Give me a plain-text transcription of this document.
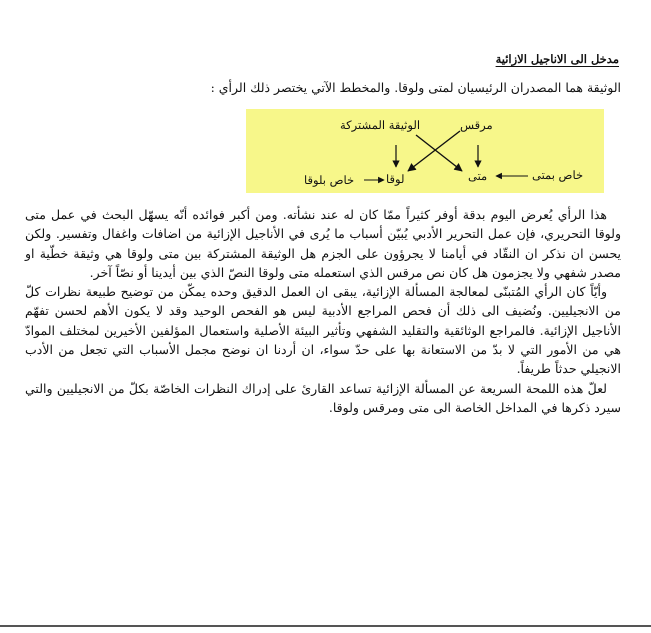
مدخل الى الاناجيل الازائية
الوثيقة هما المصدران الرئيسيان لمتى ولوقا. والمخطط الآتي يختصر ذلك الرأي :
مرقس
الوثيقة المشتركة
خاص بمتى
متى
لوقا
خاص بلوقا

هذا الرأي يُعرض اليوم بدقة أوفر كثيراً ممّا كان له عند نشأته. ومن أكبر فوائده أنّه يسهّل البحث في عمل متى ولوقا التحريري، فإن عمل التحرير الأدبي يُبيّن أسباب ما يُرى في الأناجيل الإزائية من اضافات واغفال وتفسير. ولكن يحسن ان نذكر ان النقّاد في أيامنا لا يجرؤون على الجزم هل الوثيقة المشتركة بين متى ولوقا هي وثيقة خطّية او مصدر شفهي ولا يجزمون هل كان نص مرقس الذي استعمله متى ولوقا النصّ الذي بين أيدينا أو نصّاً آخر.

وأيّاً كان الرأي المُتبنّى لمعالجة المسألة الإزائية، يبقى ان العمل الدقيق وحده يمكّن من توضيح طبيعة نظرات كلّ من الانجيليين. ونُضيف الى ذلك أن فحص المراجع الأدبية ليس هو الفحص الوحيد وقد لا يكون الأهم لحسن تفهّم الأناجيل الإزائية. فالمراجع الوثائقية والتقليد الشفهي وتأثير البيئة الأصلية واستعمال المؤلفين الأخيرين لمختلف الموادّ هي من الأمور التي لا بدّ من الاستعانة بها على حدّ سواء، ان أردنا ان نوضح مجمل الأسباب التي تجعل من الأدب الانجيلي حدثاً طريفاً.

لعلّ هذه اللمحة السريعة عن المسألة الإزائية تساعد القارئ على إدراك النظرات الخاصّة بكلّ من الانجيليين والتي سيرد ذكرها في المداخل الخاصة الى متى ومرقس ولوقا.
